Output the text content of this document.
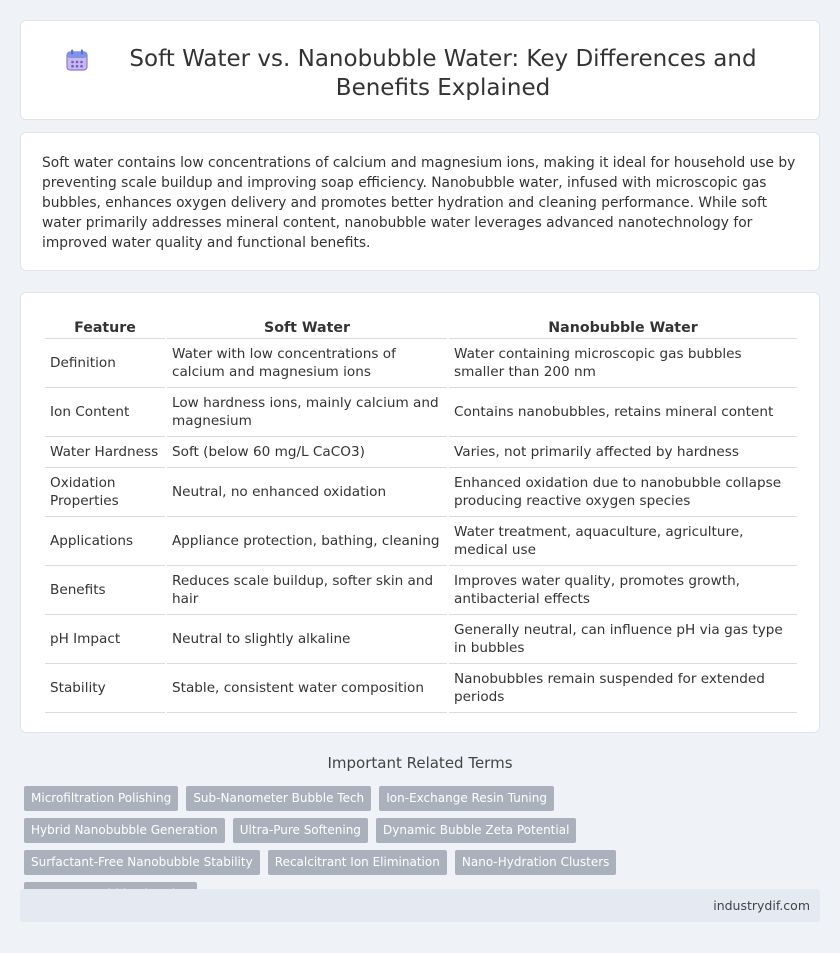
Soft Water vs. Nanobubble Water: Key Differences and Benefits Explained

Soft water contains low concentrations of calcium and magnesium ions, making it ideal for household use by preventing scale buildup and improving soap efficiency. Nanobubble water, infused with microscopic gas bubbles, enhances oxygen delivery and promotes better hydration and cleaning performance. While soft water primarily addresses mineral content, nanobubble water leverages advanced nanotechnology for improved water quality and functional benefits.

Feature	Soft Water	Nanobubble Water
Definition	Water with low concentrations of calcium and magnesium ions	Water containing microscopic gas bubbles smaller than 200 nm
Ion Content	Low hardness ions, mainly calcium and magnesium	Contains nanobubbles, retains mineral content
Water Hardness	Soft (below 60 mg/L CaCO3)	Varies, not primarily affected by hardness
Oxidation Properties	Neutral, no enhanced oxidation	Enhanced oxidation due to nanobubble collapse producing reactive oxygen species
Applications	Appliance protection, bathing, cleaning	Water treatment, aquaculture, agriculture, medical use
Benefits	Reduces scale buildup, softer skin and hair	Improves water quality, promotes growth, antibacterial effects
pH Impact	Neutral to slightly alkaline	Generally neutral, can influence pH via gas type in bubbles
Stability	Stable, consistent water composition	Nanobubbles remain suspended for extended periods
Important Related Terms
Microfiltration Polishing Sub-Nanometer Bubble Tech Ion-Exchange Resin Tuning Hybrid Nanobubble Generation Ultra-Pure Softening Dynamic Bubble Zeta Potential Surfactant-Free Nanobubble Stability Recalcitrant Ion Elimination Nano-Hydration Clusters
industrydif.com
